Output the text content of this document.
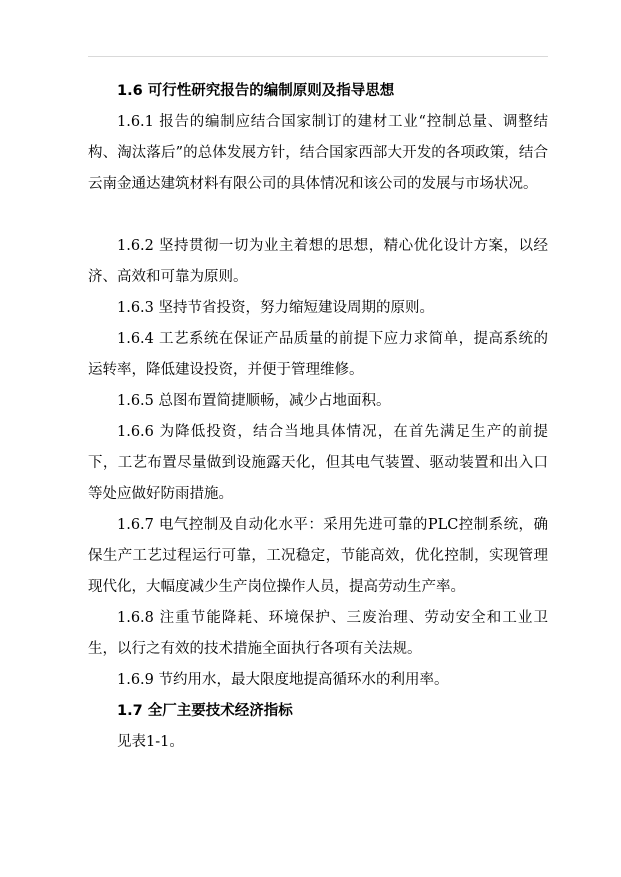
1.6 可行性研究报告的编制原则及指导思想

1.6.1 报告的编制应结合国家制订的建材工业“控制总量、调整结构、淘汰落后”的总体发展方针，结合国家西部大开发的各项政策，结合云南金通达建筑材料有限公司的具体情况和该公司的发展与市场状况。

1.6.2 坚持贯彻一切为业主着想的思想，精心优化设计方案，以经济、高效和可靠为原则。

1.6.3 坚持节省投资，努力缩短建设周期的原则。

1.6.4 工艺系统在保证产品质量的前提下应力求简单，提高系统的运转率，降低建设投资，并便于管理维修。

1.6.5 总图布置简捷顺畅，减少占地面积。

1.6.6 为降低投资，结合当地具体情况，在首先满足生产的前提下，工艺布置尽量做到设施露天化，但其电气装置、驱动装置和出入口等处应做好防雨措施。

1.6.7 电气控制及自动化水平：采用先进可靠的PLC控制系统，确保生产工艺过程运行可靠，工况稳定，节能高效，优化控制，实现管理现代化，大幅度减少生产岗位操作人员，提高劳动生产率。

1.6.8 注重节能降耗、环境保护、三废治理、劳动安全和工业卫生，以行之有效的技术措施全面执行各项有关法规。

1.6.9 节约用水，最大限度地提高循环水的利用率。

1.7 全厂主要技术经济指标

见表1-1。
